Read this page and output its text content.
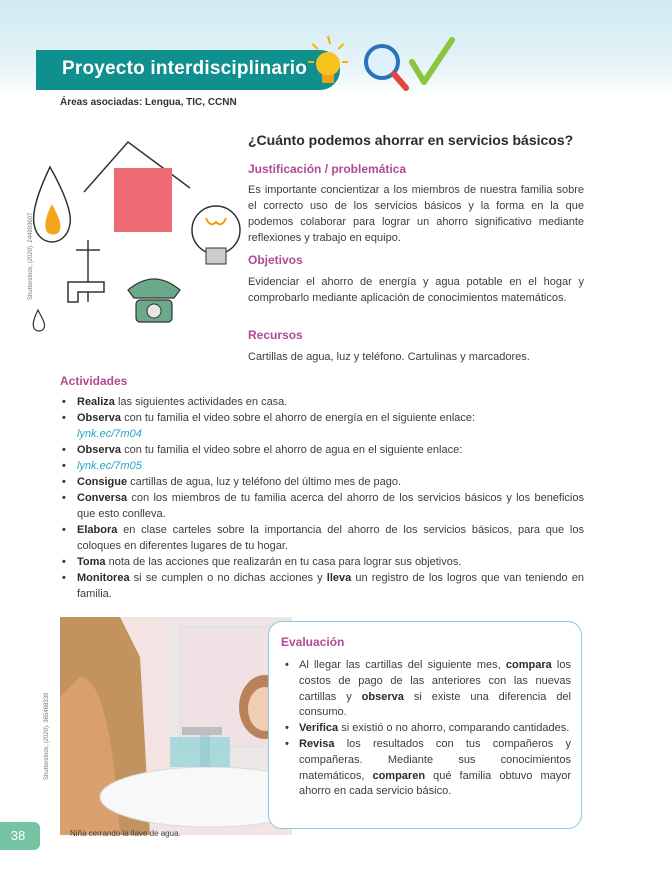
Proyecto interdisciplinario
Áreas asociadas: Lengua, TIC, CCNN
Shutterstock, (2020). 244993607
¿Cuánto podemos ahorrar en servicios básicos?
Justificación / problemática
Es importante concientizar a los miembros de nuestra familia sobre el correcto uso de los servicios básicos y la forma en la que podemos colaborar para lograr un ahorro significativo mediante reflexiones y trabajo en equipo.
Objetivos
Evidenciar el ahorro de energía y agua potable en el hogar y comprobarlo mediante aplicación de conocimientos matemáticos.
Recursos
Cartillas de agua, luz y teléfono. Cartulinas y marcadores.
Actividades
• Realiza las siguientes actividades en casa.
• Observa con tu familia el video sobre el ahorro de energía en el siguiente enlace:
lynk.ec/7m04
• Observa con tu familia el video sobre el ahorro de agua en el siguiente enlace:
• lynk.ec/7m05
• Consigue cartillas de agua, luz y teléfono del último mes de pago.
• Conversa con los miembros de tu familia acerca del ahorro de los servicios básicos y los beneficios que esto conlleva.
• Elabora en clase carteles sobre la importancia del ahorro de los servicios básicos, para que los coloques en diferentes lugares de tu hogar.
• Toma nota de las acciones que realizarán en tu casa para lograr sus objetivos.
• Monitorea si se cumplen o no dichas acciones y lleva un registro de los logros que van teniendo en familia.
Shutterstock, (2020). 365468339
Niña cerrando la llave de agua.
Evaluación
• Al llegar las cartillas del siguiente mes, compara los costos de pago de las anteriores con las nuevas cartillas y observa si existe una diferencia del consumo.
• Verifica si existió o no ahorro, comparando cantidades.
• Revisa los resultados con tus compañeros y compañeras. Mediante sus conocimientos matemáticos, comparen qué familia obtuvo mayor ahorro en cada servicio básico.
38
